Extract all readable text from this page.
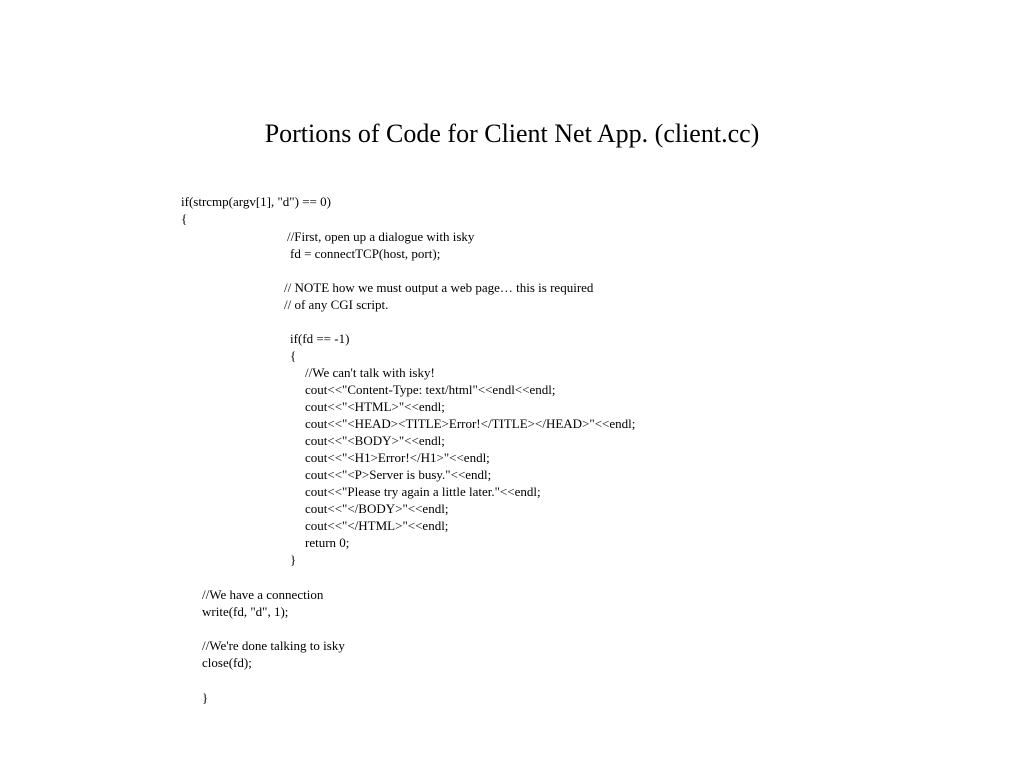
Portions of Code for Client Net App. (client.cc)
if(strcmp(argv[1], "d") == 0)
{
//First, open up a dialogue with isky
fd = connectTCP(host, port);
// NOTE how we must output a web page… this is required
// of any CGI script.
if(fd == -1)
{
//We can't talk with isky!
cout<<"Content-Type: text/html"<<endl<<endl;
cout<<"<HTML>"<<endl;
cout<<"<HEAD><TITLE>Error!</TITLE></HEAD>"<<endl;
cout<<"<BODY>"<<endl;
cout<<"<H1>Error!</H1>"<<endl;
cout<<"<P>Server is busy."<<endl;
cout<<"Please try again a little later."<<endl;
cout<<"</BODY>"<<endl;
cout<<"</HTML>"<<endl;
return 0;
}
//We have a connection
write(fd, "d", 1);
//We're done talking to isky
close(fd);
}
